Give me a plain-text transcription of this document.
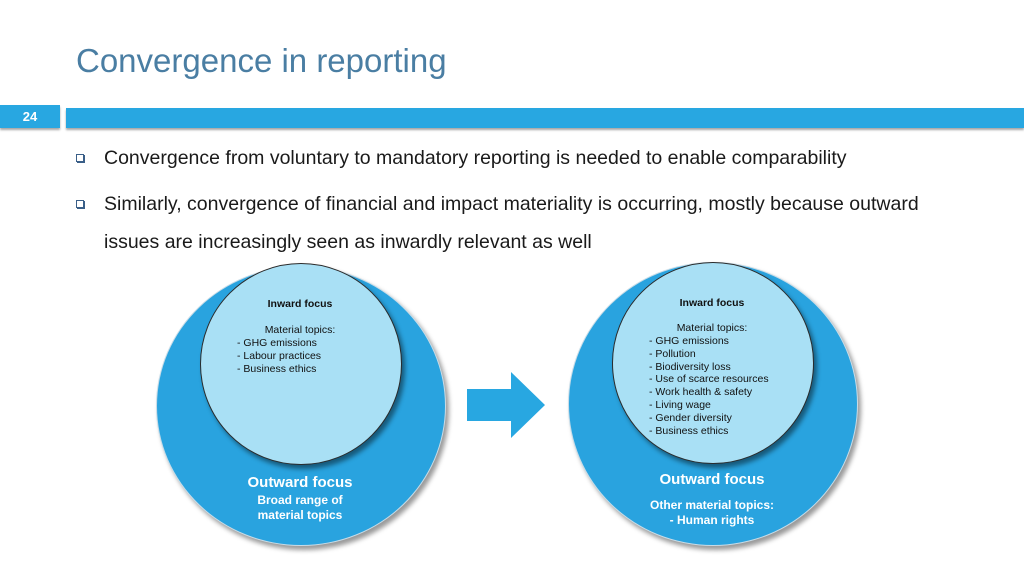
Convergence in reporting
24
Convergence from voluntary to mandatory reporting is needed to enable comparability
Similarly, convergence of financial and impact materiality is occurring, mostly because outward issues are increasingly seen as inwardly relevant as well
Inward focus
Material topics:
- GHG emissions
- Labour practices
- Business ethics
Outward focus
Broad range of
material topics
Inward focus
Material topics:
- GHG emissions
- Pollution
- Biodiversity loss
- Use of scarce resources
- Work health & safety
- Living wage
- Gender diversity
- Business ethics
Outward focus
Other material topics:
- Human rights
